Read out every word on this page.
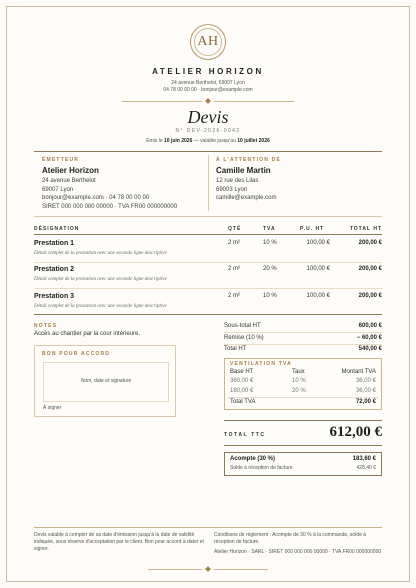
AH
ATELIER HORIZON
24 avenue Berthelot, 69007 Lyon
04 78 00 00 00 · bonjour@example.com
Devis
N° DEV-2026-0042
Émis le 10 juin 2026 — valable jusqu'au 10 juillet 2026
ÉMETTEUR
Atelier Horizon
24 avenue Berthelot
69007 Lyon
bonjour@example.com · 04 78 00 00 00
SIRET 000 000 000 00000 · TVA FR00 000000000
À L'ATTENTION DE
Camille Martin
12 rue des Lilas
69003 Lyon
camille@example.com
DÉSIGNATION	QTÉ	TVA	P.U. HT	TOTAL HT
Prestation 1
Détail complet de la prestation avec une seconde ligne descriptive
2 m²	10 %	100,00 €	200,00 €
Prestation 2
Détail complet de la prestation avec une seconde ligne descriptive
2 m²	20 %	100,00 €	200,00 €
Prestation 3
Détail complet de la prestation avec une seconde ligne descriptive
2 m²	10 %	100,00 €	200,00 €
NOTES
Accès au chantier par la cour intérieure.
BON POUR ACCORD
Nom, date et signature
À signer
Sous-total HT	600,00 €
Remise (10 %)	− 60,00 €
Total HT	540,00 €
VENTILATION TVA
Base HT	Taux	Montant TVA
360,00 €	10 %	36,00 €
180,00 €	20 %	36,00 €
Total TVA	72,00 €
TOTAL TTC	612,00 €
Acompte (30 %)	183,60 €
Solde à réception de facture	428,40 €
Devis valable à compter de sa date d'émission jusqu'à la date de validité indiquée, sous réserve d'acceptation par le client. Bon pour accord à dater et signer.
Conditions de règlement : Acompte de 30 % à la commande, solde à réception de facture.
Atelier Horizon · SARL · SIRET 000 000 000 00000 · TVA FR00 000000000
